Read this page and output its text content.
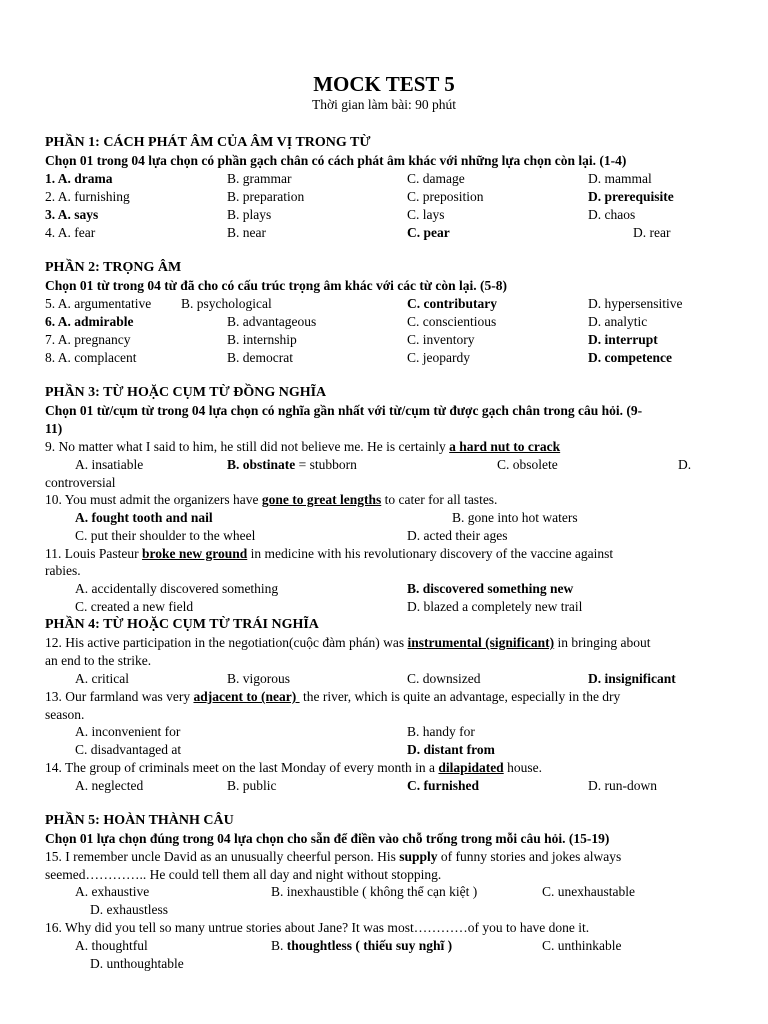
MOCK TEST 5
Thời gian làm bài: 90 phút
PHẦN 1: CÁCH PHÁT ÂM CỦA ÂM VỊ TRONG TỪ
Chọn 01 trong 04 lựa chọn có phần gạch chân có cách phát âm khác với những lựa chọn còn lại. (1-4)
1. A. drama	B. grammar	C. damage	D. mammal
2. A. furnishing	B. preparation	C. preposition	D. prerequisite
3. A. says	B. plays	C. lays	D. chaos
4. A. fear	B. near	C. pear	D. rear
PHẦN 2: TRỌNG ÂM
Chọn 01 từ trong 04 từ đã cho có cấu trúc trọng âm khác với các từ còn lại. (5-8)
5. A. argumentative B. psychological	C. contributary	D. hypersensitive
6. A. admirable	B. advantageous	C. conscientious	D. analytic
7. A. pregnancy	B. internship	C. inventory	D. interrupt
8. A. complacent	B. democrat	C. jeopardy	D. competence
PHẦN 3: TỪ HOẶC CỤM TỪ ĐỒNG NGHĨA
Chọn 01 từ/cụm từ trong 04 lựa chọn có nghĩa gần nhất với từ/cụm từ được gạch chân trong câu hỏi. (9-
11)
9. No matter what I said to him, he still did not believe me. He is certainly a hard nut to crack
A. insatiable	B. obstinate = stubborn	C. obsolete	D.
controversial
10. You must admit the organizers have gone to great lengths to cater for all tastes.
A. fought tooth and nail	B. gone into hot waters
C. put their shoulder to the wheel	D. acted their ages
11. Louis Pasteur broke new ground in medicine with his revolutionary discovery of the vaccine against
rabies.
A. accidentally discovered something	B. discovered something new
C. created a new field	D. blazed a completely new trail
PHẦN 4: TỪ HOẶC CỤM TỪ TRÁI NGHĨA
12. His active participation in the negotiation(cuộc đàm phán) was instrumental (significant) in bringing about
an end to the strike.
A. critical	B. vigorous	C. downsized	D. insignificant
13. Our farmland was very adjacent to (near)  the river, which is quite an advantage, especially in the dry
season.
A. inconvenient for	B. handy for
C. disadvantaged at	D. distant from
14. The group of criminals meet on the last Monday of every month in a dilapidated house.
A. neglected	B. public	C. furnished	D. run-down
PHẦN 5: HOÀN THÀNH CÂU
Chọn 01 lựa chọn đúng trong 04 lựa chọn cho sẵn để điền vào chỗ trống trong mỗi câu hỏi. (15-19)
15. I remember uncle David as an unusually cheerful person. His supply of funny stories and jokes always
seemed………….. He could tell them all day and night without stopping.
A. exhaustive	B. inexhaustible ( không thể cạn kiệt )	C. unexhaustable
D. exhaustless
16. Why did you tell so many untrue stories about Jane? It was most…………of you to have done it.
A. thoughtful	B. thoughtless ( thiếu suy nghĩ )	C. unthinkable
D. unthoughtable
